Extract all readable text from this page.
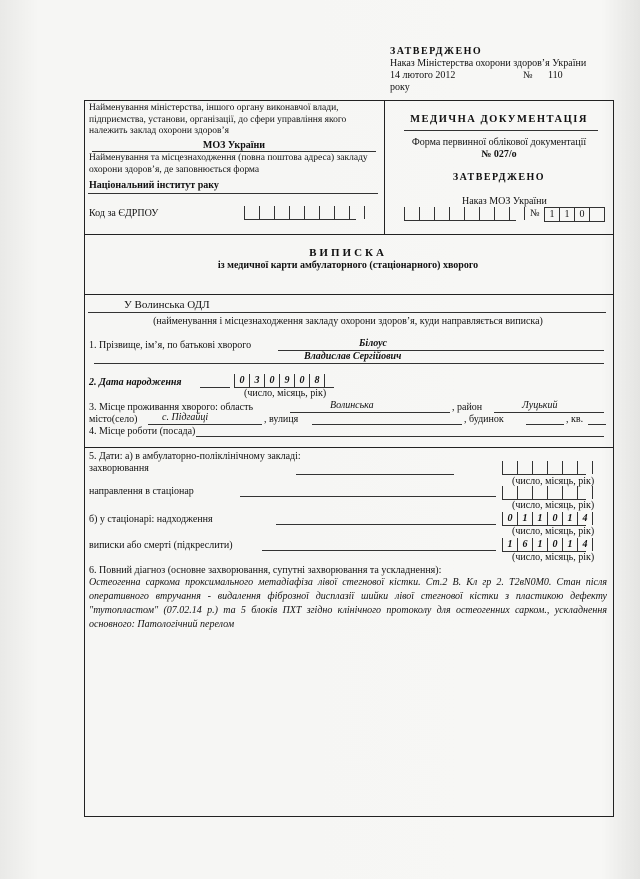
ЗАТВЕРДЖЕНО
Наказ Міністерства охорони здоров’я України
14 лютого 2012	№ 110
року
Найменування міністерства, іншого органу виконавчої влади, підприємства, установи, організації, до сфери управління якого належить заклад охорони здоров’я
МОЗ України
Найменування та місцезнаходження (повна поштова адреса) закладу охорони здоров’я, де заповнюється форма
Національний інститут раку
Код за ЄДРПОУ
МЕДИЧНА ДОКУМЕНТАЦІЯ
Форма первинної облікової документації
№ 027/о
ЗАТВЕРДЖЕНО
Наказ МОЗ України
№ 1	1	0
ВИПИСКА
із медичної карти амбулаторного (стаціонарного) хворого
У Волинська ОДЛ
(найменування і місцезнаходження закладу охорони здоров’я, куди направляється виписка)
1. Прізвище, ім’я, по батькові хворого	Білоус
Владислав Сергійович
2. Дата народження	0	3	0	9	0	8
(число, місяць, рік)
3. Місце проживання хворого: область	Волинська	, район	Луцький
місто(село) с. Підгайці	, вулиця	, будинок	, кв.
4. Місце роботи (посада)
5. Дати: а) в амбулаторно-поліклінічному закладі:
захворювання
(число, місяць, рік)
направлення в стаціонар
(число, місяць, рік)
б) у стаціонарі: надходження	0	1	1	0	1	4
(число, місяць, рік)
виписки або смерті (підкреслити)	1	6	1	0	1	4
(число, місяць, рік)
6. Повний діагноз (основне захворювання, супутні захворювання та ускладнення):
Остеогенна саркома проксимального метадіафіза лівої стегнової кістки. Ст.2 В. Кл гр 2. Т2вN0M0. Стан після оперативного втручання - видалення фіброзної дисплазії шийки лівої стегнової кістки з пластикою дефекту "тутопластом" (07.02.14 р.) та 5 блоків ПХТ згідно клінічного протоколу для остеогенних сарком., ускладнення основного: Патологічний перелом
